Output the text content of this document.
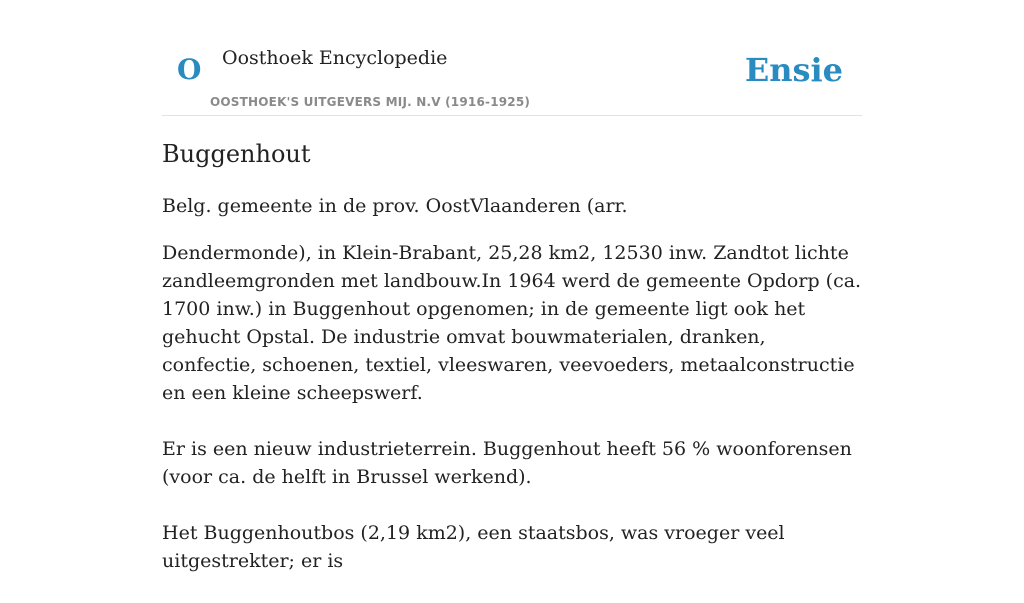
O Oosthoek Encyclopedie
OOSTHOEK'S UITGEVERS MIJ. N.V (1916-1925)
Ensie
Buggenhout

Belg. gemeente in de prov. OostVlaanderen (arr.

Dendermonde), in Klein-Brabant, 25,28 km2, 12530 inw. Zandtot lichte zandleemgronden met landbouw.In 1964 werd de gemeente Opdorp (ca. 1700 inw.) in Buggenhout opgenomen; in de gemeente ligt ook het gehucht Opstal. De industrie omvat bouwmaterialen, dranken, confectie, schoenen, textiel, vleeswaren, veevoeders, metaalconstructie en een kleine scheepswerf.

Er is een nieuw industrieterrein. Buggenhout heeft 56 % woonforensen (voor ca. de helft in Brussel werkend).

Het Buggenhoutbos (2,19 km2), een staatsbos, was vroeger veel uitgestrekter; er is
